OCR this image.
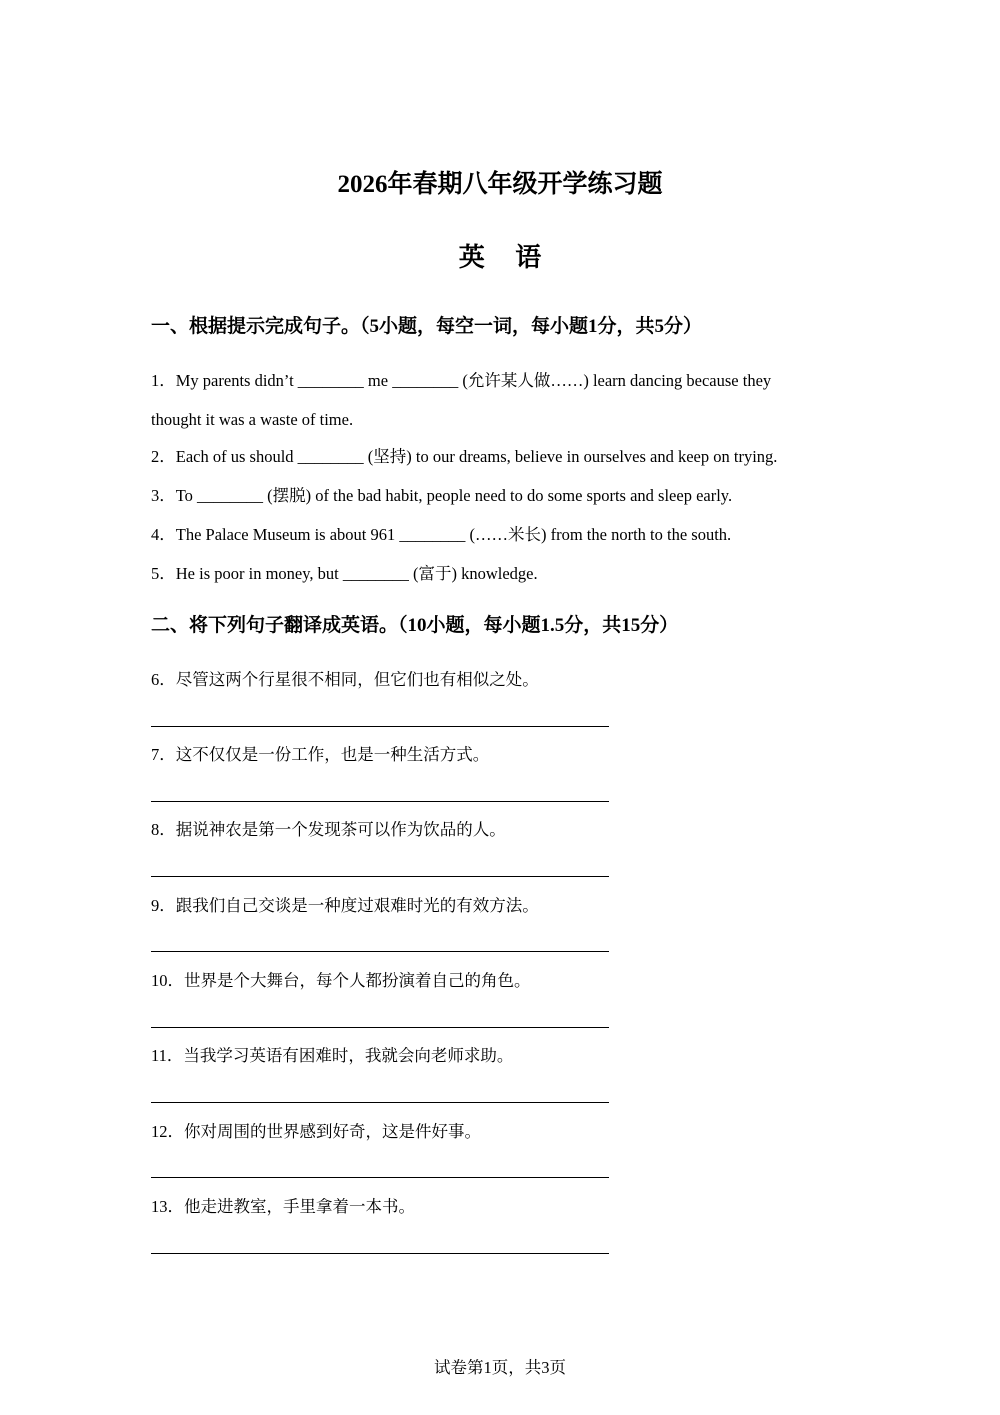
2026年春期八年级开学练习题
英 语
一、根据提示完成句子。（5小题，每空一词，每小题1分，共5分）
1．My parents didn’t ________ me ________ (允许某人做……) learn dancing because they
thought it was a waste of time.
2．Each of us should ________ (坚持) to our dreams, believe in ourselves and keep on trying.
3．To ________ (摆脱) of the bad habit, people need to do some sports and sleep early.
4．The Palace Museum is about 961 ________ (……米长) from the north to the south.
5．He is poor in money, but ________ (富于) knowledge.
二、将下列句子翻译成英语。（10小题，每小题1.5分，共15分）
6．尽管这两个行星很不相同，但它们也有相似之处。
7．这不仅仅是一份工作，也是一种生活方式。
8．据说神农是第一个发现茶可以作为饮品的人。
9．跟我们自己交谈是一种度过艰难时光的有效方法。
10．世界是个大舞台，每个人都扮演着自己的角色。
11．当我学习英语有困难时，我就会向老师求助。
12．你对周围的世界感到好奇，这是件好事。
13．他走进教室，手里拿着一本书。
试卷第1页，共3页
